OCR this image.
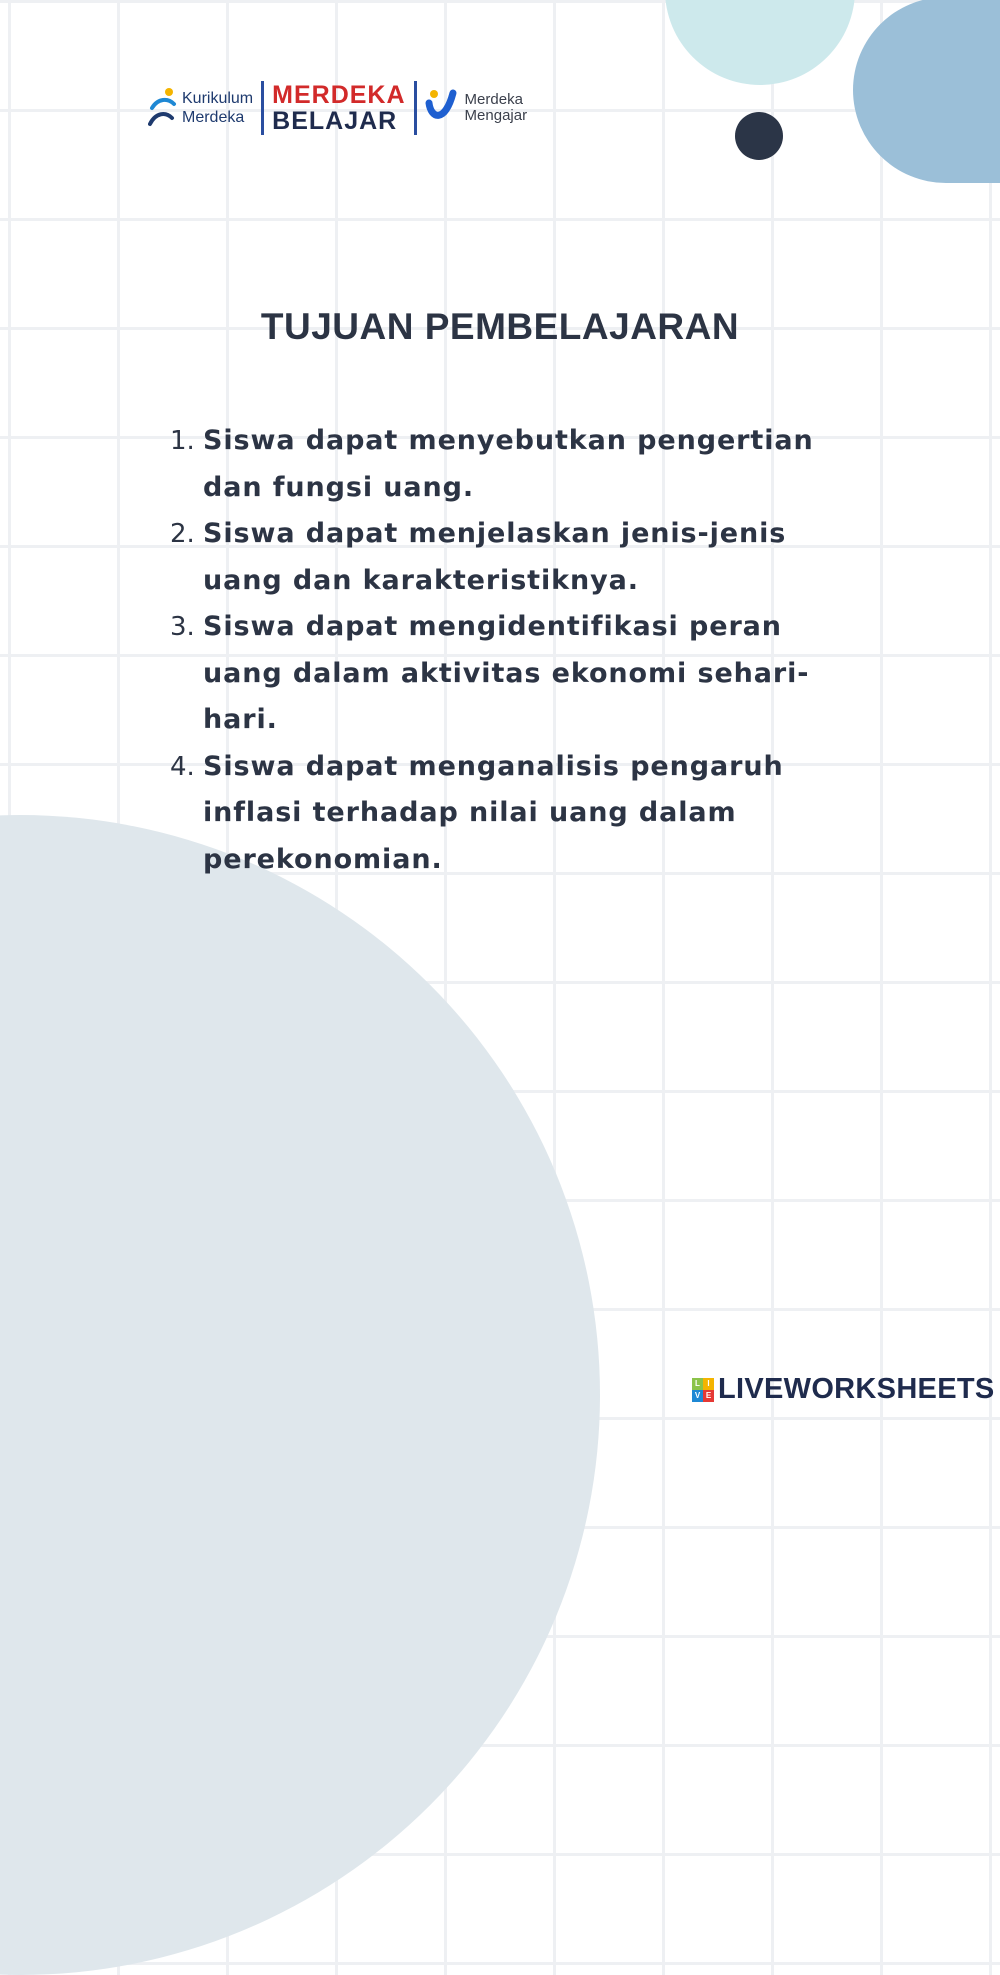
Kurikulum
Merdeka
MERDEKA
BELAJAR
Merdeka
Mengajar
TUJUAN PEMBELAJARAN
1. Siswa dapat menyebutkan pengertian dan fungsi uang.
2. Siswa dapat menjelaskan jenis-jenis uang dan karakteristiknya.
3. Siswa dapat mengidentifikasi peran uang dalam aktivitas ekonomi sehari-hari.
4. Siswa dapat menganalisis pengaruh inflasi terhadap nilai uang dalam perekonomian.
L I
V E LIVEWORKSHEETS
